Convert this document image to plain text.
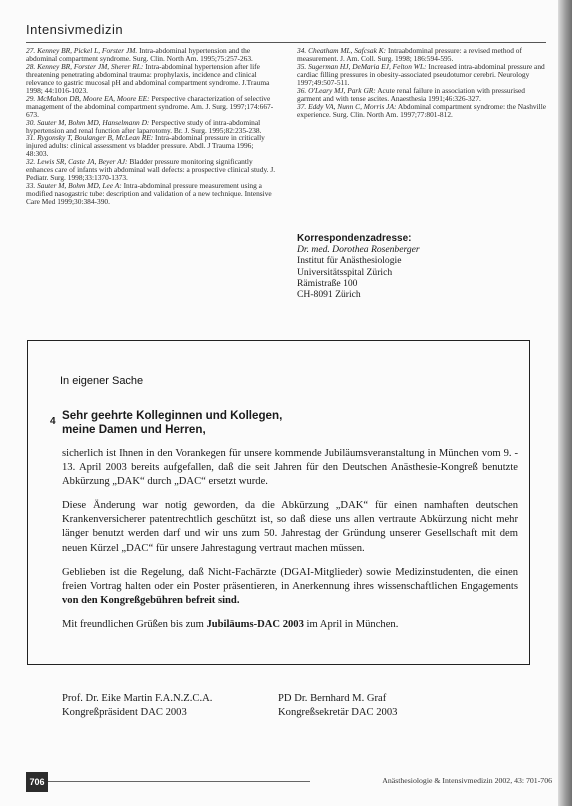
Intensivmedizin

27. Kenney BR, Pickel L, Forster JM. Intra-abdominal hypertension and the abdominal compartment syndrome. Surg. Clin. North Am. 1995;75:257-263.

28. Kenney BR, Forster JM, Sherer RL: Intra-abdominal hypertension after life threatening penetrating abdominal trauma: prophylaxis, incidence and clinical relevance to gastric mucosal pH and abdominal compartment syndrome. J.Trauma 1998; 44:1016-1023.

29. McMahon DB, Moore EA, Moore EE: Perspective characterization of selective management of the abdominal compartment syndrome. Am. J. Surg. 1997;174:667-673.

30. Sauter M, Bohm MD, Hanselmann D: Perspective study of intra-abdominal hypertension and renal function after laparotomy. Br. J. Surg. 1995;82:235-238.

31. Rygonsky T, Boulanger B, McLean RE: Intra-abdominal pressure in critically injured adults: clinical assessment vs bladder pressure. Abdl. J Trauma 1996; 48:303.

32. Lewis SR, Caste JA, Beyer AJ: Bladder pressure monitoring significantly enhances care of infants with abdominal wall defects: a prospective clinical study. J. Pediatr. Surg. 1998;33:1370-1373.

33. Sauter M, Bohm MD, Lee A: Intra-abdominal pressure measurement using a modified nasogastric tube: description and validation of a new technique. Intensive Care Med 1999;30:384-390.

34. Cheatham ML, Safcsak K: Intraabdominal pressure: a revised method of measurement. J. Am. Coll. Surg. 1998; 186:594-595.

35. Sugerman HJ, DeMaria EJ, Felton WL: Increased intra-abdominal pressure and cardiac filling pressures in obesity-associated pseudotumor cerebri. Neurology 1997;49:507-511.

36. O'Leary MJ, Park GR: Acute renal failure in association with pressurised garment and with tense ascites. Anaesthesia 1991;46:326-327.

37. Eddy VA, Nunn C, Morris JA: Abdominal compartment syndrome: the Nashville experience. Surg. Clin. North Am. 1997;77:801-812.

Korrespondenzadresse:
Dr. med. Dorothea Rosenberger
Institut für Anästhesiologie
Universitätsspital Zürich
Rämistraße 100
CH-8091 Zürich
In eigener Sache
4 Sehr geehrte Kolleginnen und Kollegen,
meine Damen und Herren,

sicherlich ist Ihnen in den Vorankegen für unsere kommende Jubiläumsveranstaltung in München vom 9. - 13. April 2003 bereits aufgefallen, daß die seit Jahren für den Deutschen Anästhesie-Kongreß benutzte Abkürzung „DAK“ durch „DAC“ ersetzt wurde.

Diese Änderung war notig geworden, da die Abkürzung „DAK“ für einen namhaften deutschen Krankenversicherer patentrechtlich geschützt ist, so daß diese uns allen vertraute Abkürzung nicht mehr länger benutzt werden darf und wir uns zum 50. Jahrestag der Gründung unserer Gesellschaft mit dem neuen Kürzel „DAC“ für unsere Jahrestagung vertraut machen müssen.

Geblieben ist die Regelung, daß Nicht-Fachärzte (DGAI-Mitglieder) sowie Medizinstudenten, die einen freien Vortrag halten oder ein Poster präsentieren, in Anerkennung ihres wissenschaftlichen Engagements von den Kongreßgebühren befreit sind.

Mit freundlichen Grüßen bis zum Jubiläums-DAC 2003 im April in München.

Prof. Dr. Eike Martin F.A.N.Z.C.A.
Kongreßpräsident DAC 2003
PD Dr. Bernhard M. Graf
Kongreßsekretär DAC 2003
706	Anästhesiologie & Intensivmedizin 2002, 43: 701-706
